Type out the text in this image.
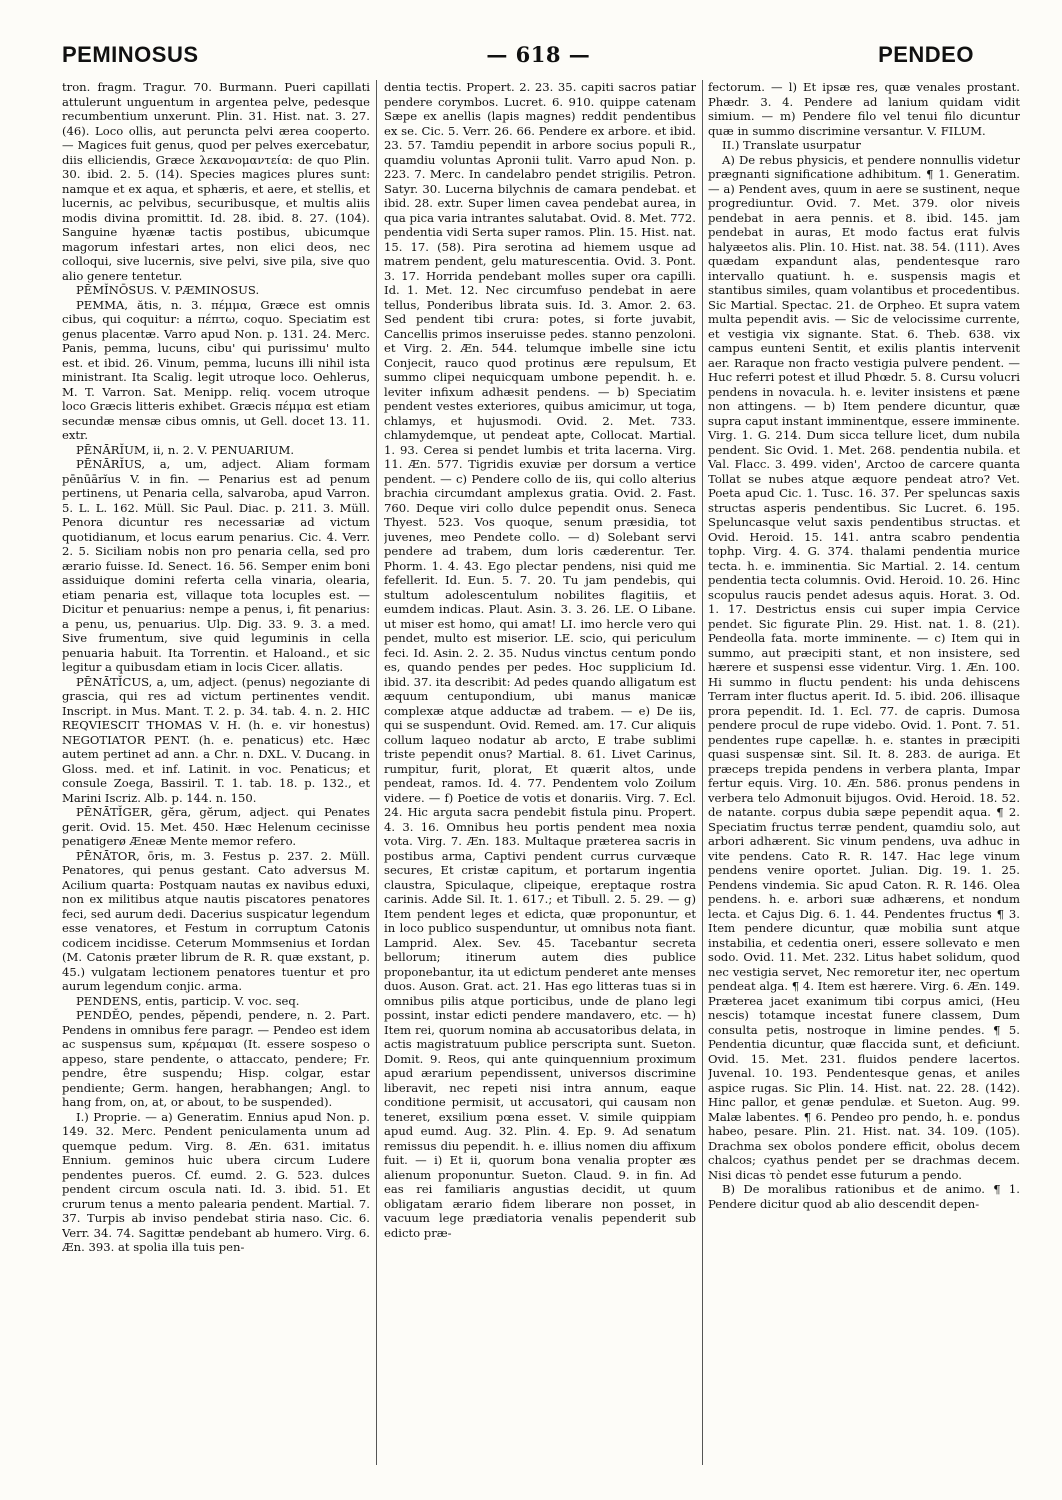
PEMINOSUS	— 618 —	PENDEO

tron. fragm. Tragur. 70. Burmann. Pueri capillati attulerunt unguentum in argentea pelve, pedesque recumbentium unxerunt. Plin. 31. Hist. nat. 3. 27. (46). Loco ollis, aut peruncta pelvi ærea cooperto. — Magices fuit genus, quod per pelves exercebatur, diis elliciendis, Græce λεκανομαντεία: de quo Plin. 30. ibid. 2. 5. (14). Species magices plures sunt: namque et ex aqua, et sphæris, et aere, et stellis, et lucernis, ac pelvibus, securibusque, et multis aliis modis divina promittit. Id. 28. ibid. 8. 27. (104). Sanguine hyænæ tactis postibus, ubicumque magorum infestari artes, non elici deos, nec colloqui, sive lucernis, sive pelvi, sive pila, sive quo alio genere tentetur.

PĒMĬNŌSUS. V. PÆMINOSUS.

PEMMA, ătis, n. 3. πέμμα, Græce est omnis cibus, qui coquitur: a πέπτω, coquo. Speciatim est genus placentæ. Varro apud Non. p. 131. 24. Merc. Panis, pemma, lucuns, cibu' qui purissimu' multo est. et ibid. 26. Vinum, pemma, lucuns illi nihil ista ministrant. Ita Scalig. legit utroque loco. Oehlerus, M. T. Varron. Sat. Menipp. reliq. vocem utroque loco Græcis litteris exhibet. Græcis πέμμα est etiam secundæ mensæ cibus omnis, ut Gell. docet 13. 11. extr.

PĒNĀRĬUM, ii, n. 2. V. PENUARIUM.

PĒNĀRĬUS, a, um, adject. Aliam formam pēnūārĭus V. in fin. — Penarius est ad penum pertinens, ut Penaria cella, salvaroba, apud Varron. 5. L. L. 162. Müll. Sic Paul. Diac. p. 211. 3. Müll. Penora dicuntur res necessariæ ad victum quotidianum, et locus earum penarius. Cic. 4. Verr. 2. 5. Siciliam nobis non pro penaria cella, sed pro ærario fuisse. Id. Senect. 16. 56. Semper enim boni assiduique domini referta cella vinaria, olearia, etiam penaria est, villaque tota locuples est. — Dicitur et penuarius: nempe a penus, i, fit penarius: a penu, us, penuarius. Ulp. Dig. 33. 9. 3. a med. Sive frumentum, sive quid leguminis in cella penuaria habuit. Ita Torrentin. et Haloand., et sic legitur a quibusdam etiam in locis Cicer. allatis.

PĒNĀTĬCUS, a, um, adject. (penus) negoziante di grascia, qui res ad victum pertinentes vendit. Inscript. in Mus. Mant. T. 2. p. 34. tab. 4. n. 2. HIC REQVIESCIT THOMAS V. H. (h. e. vir honestus) NEGOTIATOR PENT. (h. e. penaticus) etc. Hæc autem pertinet ad ann. a Chr. n. DXL. V. Ducang. in Gloss. med. et inf. Latinit. in voc. Penaticus; et consule Zoega, Bassiril. T. 1. tab. 18. p. 132., et Marini Iscriz. Alb. p. 144. n. 150.

PĒNĀTĬGER, gĕra, gĕrum, adject. qui Penates gerit. Ovid. 15. Met. 450. Hæc Helenum cecinisse penatigerø Æneæ Mente memor refero.

PĒNĀTOR, ōris, m. 3. Festus p. 237. 2. Müll. Penatores, qui penus gestant. Cato adversus M. Acilium quarta: Postquam nautas ex navibus eduxi, non ex militibus atque nautis piscatores penatores feci, sed aurum dedi. Dacerius suspicatur legendum esse venatores, et Festum in corruptum Catonis codicem incidisse. Ceterum Mommsenius et Iordan (M. Catonis præter librum de R. R. quæ exstant, p. 45.) vulgatam lectionem penatores tuentur et pro aurum legendum conjic. arma.

PENDENS, entis, particip. V. voc. seq.

PENDĔO, pendes, pĕpendi, pendere, n. 2. Part. Pendens in omnibus fere paragr. — Pendeo est idem ac suspensus sum, κρέμαμαι (It. essere sospeso o appeso, stare pendente, o attaccato, pendere; Fr. pendre, être suspendu; Hisp. colgar, estar pendiente; Germ. hangen, herabhangen; Angl. to hang from, on, at, or about, to be suspended).

I.) Proprie. — a) Generatim. Ennius apud Non. p. 149. 32. Merc. Pendent peniculamenta unum ad quemque pedum. Virg. 8. Æn. 631. imitatus Ennium. geminos huic ubera circum Ludere pendentes pueros. Cf. eumd. 2. G. 523. dulces pendent circum oscula nati. Id. 3. ibid. 51. Et crurum tenus a mento palearia pendent. Martial. 7. 37. Turpis ab inviso pendebat stiria naso. Cic. 6. Verr. 34. 74. Sagittæ pendebant ab humero. Virg. 6. Æn. 393. at spolia illa tuis pen-

dentia tectis. Propert. 2. 23. 35. capiti sacros patiar pendere corymbos. Lucret. 6. 910. quippe catenam Sæpe ex anellis (lapis magnes) reddit pendentibus ex se. Cic. 5. Verr. 26. 66. Pendere ex arbore. et ibid. 23. 57. Tamdiu pependit in arbore socius populi R., quamdiu voluntas Apronii tulit. Varro apud Non. p. 223. 7. Merc. In candelabro pendet strigilis. Petron. Satyr. 30. Lucerna bilychnis de camara pendebat. et ibid. 28. extr. Super limen cavea pendebat aurea, in qua pica varia intrantes salutabat. Ovid. 8. Met. 772. pendentia vidi Serta super ramos. Plin. 15. Hist. nat. 15. 17. (58). Pira serotina ad hiemem usque ad matrem pendent, gelu maturescentia. Ovid. 3. Pont. 3. 17. Horrida pendebant molles super ora capilli. Id. 1. Met. 12. Nec circumfuso pendebat in aere tellus, Ponderibus librata suis. Id. 3. Amor. 2. 63. Sed pendent tibi crura: potes, si forte juvabit, Cancellis primos inseruisse pedes. stanno penzoloni. et Virg. 2. Æn. 544. telumque imbelle sine ictu Conjecit, rauco quod protinus ære repulsum, Et summo clipei nequicquam umbone pependit. h. e. leviter infixum adhæsit pendens. — b) Speciatim pendent vestes exteriores, quibus amicimur, ut toga, chlamys, et hujusmodi. Ovid. 2. Met. 733. chlamydemque, ut pendeat apte, Collocat. Martial. 1. 93. Cerea si pendet lumbis et trita lacerna. Virg. 11. Æn. 577. Tigridis exuviæ per dorsum a vertice pendent. — c) Pendere collo de iis, qui collo alterius brachia circumdant amplexus gratia. Ovid. 2. Fast. 760. Deque viri collo dulce pependit onus. Seneca Thyest. 523. Vos quoque, senum præsidia, tot juvenes, meo Pendete collo. — d) Solebant servi pendere ad trabem, dum loris cæderentur. Ter. Phorm. 1. 4. 43. Ego plectar pendens, nisi quid me fefellerit. Id. Eun. 5. 7. 20. Tu jam pendebis, qui stultum adolescentulum nobilites flagitiis, et eumdem indicas. Plaut. Asin. 3. 3. 26. LE. O Libane. ut miser est homo, qui amat! LI. imo hercle vero qui pendet, multo est miserior. LE. scio, qui periculum feci. Id. Asin. 2. 2. 35. Nudus vinctus centum pondo es, quando pendes per pedes. Hoc supplicium Id. ibid. 37. ita describit: Ad pedes quando alligatum est æquum centupondium, ubi manus manicæ complexæ atque adductæ ad trabem. — e) De iis, qui se suspendunt. Ovid. Remed. am. 17. Cur aliquis collum laqueo nodatur ab arcto, E trabe sublimi triste pependit onus? Martial. 8. 61. Livet Carinus, rumpitur, furit, plorat, Et quærit altos, unde pendeat, ramos. Id. 4. 77. Pendentem volo Zoilum videre. — f) Poetice de votis et donariis. Virg. 7. Ecl. 24. Hic arguta sacra pendebit fistula pinu. Propert. 4. 3. 16. Omnibus heu portis pendent mea noxia vota. Virg. 7. Æn. 183. Multaque præterea sacris in postibus arma, Captivi pendent currus curvæque secures, Et cristæ capitum, et portarum ingentia claustra, Spiculaque, clipeique, ereptaque rostra carinis. Adde Sil. It. 1. 617.; et Tibull. 2. 5. 29. — g) Item pendent leges et edicta, quæ proponuntur, et in loco publico suspenduntur, ut omnibus nota fiant. Lamprid. Alex. Sev. 45. Tacebantur secreta bellorum; itinerum autem dies publice proponebantur, ita ut edictum penderet ante menses duos. Auson. Grat. act. 21. Has ego litteras tuas si in omnibus pilis atque porticibus, unde de plano legi possint, instar edicti pendere mandavero, etc. — h) Item rei, quorum nomina ab accusatoribus delata, in actis magistratuum publice perscripta sunt. Sueton. Domit. 9. Reos, qui ante quinquennium proximum apud ærarium pependissent, universos discrimine liberavit, nec repeti nisi intra annum, eaque conditione permisit, ut accusatori, qui causam non teneret, exsilium pœna esset. V. simile quippiam apud eumd. Aug. 32. Plin. 4. Ep. 9. Ad senatum remissus diu pependit. h. e. illius nomen diu affixum fuit. — i) Et ii, quorum bona venalia propter æs alienum proponuntur. Sueton. Claud. 9. in fin. Ad eas rei familiaris angustias decidit, ut quum obligatam ærario fidem liberare non posset, in vacuum lege prædiatoria venalis pependerit sub edicto præ-

fectorum. — l) Et ipsæ res, quæ venales prostant. Phædr. 3. 4. Pendere ad lanium quidam vidit simium. — m) Pendere filo vel tenui filo dicuntur quæ in summo discrimine versantur. V. FILUM.

II.) Translate usurpatur

A) De rebus physicis, et pendere nonnullis videtur prægnanti significatione adhibitum. ¶ 1. Generatim. — a) Pendent aves, quum in aere se sustinent, neque progrediuntur. Ovid. 7. Met. 379. olor niveis pendebat in aera pennis. et 8. ibid. 145. jam pendebat in auras, Et modo factus erat fulvis halyæetos alis. Plin. 10. Hist. nat. 38. 54. (111). Aves quædam expandunt alas, pendentesque raro intervallo quatiunt. h. e. suspensis magis et stantibus similes, quam volantibus et procedentibus. Sic Martial. Spectac. 21. de Orpheo. Et supra vatem multa pependit avis. — Sic de velocissime currente, et vestigia vix signante. Stat. 6. Theb. 638. vix campus eunteni Sentit, et exilis plantis intervenit aer. Raraque non fracto vestigia pulvere pendent. — Huc referri potest et illud Phœdr. 5. 8. Cursu volucri pendens in novacula. h. e. leviter insistens et pæne non attingens. — b) Item pendere dicuntur, quæ supra caput instant imminentque, essere imminente. Virg. 1. G. 214. Dum sicca tellure licet, dum nubila pendent. Sic Ovid. 1. Met. 268. pendentia nubila. et Val. Flacc. 3. 499. viden', Arctoo de carcere quanta Tollat se nubes atque æquore pendeat atro? Vet. Poeta apud Cic. 1. Tusc. 16. 37. Per speluncas saxis structas asperis pendentibus. Sic Lucret. 6. 195. Speluncasque velut saxis pendentibus structas. et Ovid. Heroid. 15. 141. antra scabro pendentia tophp. Virg. 4. G. 374. thalami pendentia murice tecta. h. e. imminentia. Sic Martial. 2. 14. centum pendentia tecta columnis. Ovid. Heroid. 10. 26. Hinc scopulus raucis pendet adesus aquis. Horat. 3. Od. 1. 17. Destrictus ensis cui super impia Cervice pendet. Sic figurate Plin. 29. Hist. nat. 1. 8. (21). Pendeolla fata. morte imminente. — c) Item qui in summo, aut præcipiti stant, et non insistere, sed hærere et suspensi esse videntur. Virg. 1. Æn. 100. Hi summo in fluctu pendent: his unda dehiscens Terram inter fluctus aperit. Id. 5. ibid. 206. illisaque prora pependit. Id. 1. Ecl. 77. de capris. Dumosa pendere procul de rupe videbo. Ovid. 1. Pont. 7. 51. pendentes rupe capellæ. h. e. stantes in præcipiti quasi suspensæ sint. Sil. It. 8. 283. de auriga. Et præceps trepida pendens in verbera planta, Impar fertur equis. Virg. 10. Æn. 586. pronus pendens in verbera telo Admonuit bijugos. Ovid. Heroid. 18. 52. de natante. corpus dubia sæpe pependit aqua. ¶ 2. Speciatim fructus terræ pendent, quamdiu solo, aut arbori adhærent. Sic vinum pendens, uva adhuc in vite pendens. Cato R. R. 147. Hac lege vinum pendens venire oportet. Julian. Dig. 19. 1. 25. Pendens vindemia. Sic apud Caton. R. R. 146. Olea pendens. h. e. arbori suæ adhærens, et nondum lecta. et Cajus Dig. 6. 1. 44. Pendentes fructus ¶ 3. Item pendere dicuntur, quæ mobilia sunt atque instabilia, et cedentia oneri, essere sollevato e men sodo. Ovid. 11. Met. 232. Litus habet solidum, quod nec vestigia servet, Nec remoretur iter, nec opertum pendeat alga. ¶ 4. Item est hærere. Virg. 6. Æn. 149. Præterea jacet exanimum tibi corpus amici, (Heu nescis) totamque incestat funere classem, Dum consulta petis, nostroque in limine pendes. ¶ 5. Pendentia dicuntur, quæ flaccida sunt, et deficiunt. Ovid. 15. Met. 231. fluidos pendere lacertos. Juvenal. 10. 193. Pendentesque genas, et aniles aspice rugas. Sic Plin. 14. Hist. nat. 22. 28. (142). Hinc pallor, et genæ pendulæ. et Sueton. Aug. 99. Malæ labentes. ¶ 6. Pendeo pro pendo, h. e. pondus habeo, pesare. Plin. 21. Hist. nat. 34. 109. (105). Drachma sex obolos pondere efficit, obolus decem chalcos; cyathus pendet per se drachmas decem. Nisi dicas τὸ pendet esse futurum a pendo.

B) De moralibus rationibus et de animo. ¶ 1. Pendere dicitur quod ab alio descendit depen-
